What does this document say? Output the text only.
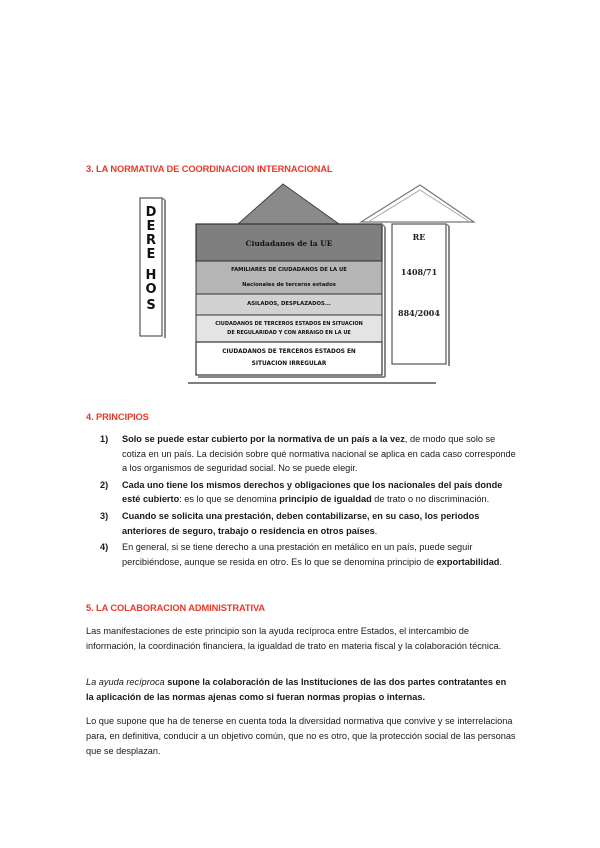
3. LA NORMATIVA DE COORDINACION INTERNACIONAL
D
E
R
E
H
O
S
RE
1408/71
884/2004
Ciudadanos de la UE
FAMILIARES DE CIUDADANOS DE LA UE
Nacionales de terceros estados
ASILADOS, DESPLAZADOS...
CIUDADANOS DE TERCEROS ESTADOS EN SITUACION
DE REGULARIDAD Y CON ARRAIGO EN LA UE
CIUDADANOS DE TERCEROS ESTADOS EN
SITUACION IRREGULAR
4. PRINCIPIOS
1) Solo se puede estar cubierto por la normativa de un país a la vez, de modo que solo se cotiza en un país. La decisión sobre qué normativa nacional se aplica en cada caso corresponde a los organismos de seguridad social. No se puede elegir.
2) Cada uno tiene los mismos derechos y obligaciones que los nacionales del país donde esté cubierto: es lo que se denomina principio de igualdad de trato o no discriminación.
3) Cuando se solicita una prestación, deben contabilizarse, en su caso, los periodos anteriores de seguro, trabajo o residencia en otros países.
4) En general, si se tiene derecho a una prestación en metálico en un país, puede seguir percibiéndose, aunque se resida en otro. Es lo que se denomina principio de exportabilidad.
5. LA COLABORACION ADMINISTRATIVA

Las manifestaciones de este principio son la ayuda recíproca entre Estados, el intercambio de información, la coordinación financiera, la igualdad de trato en materia fiscal y la colaboración técnica.

La ayuda recíproca supone la colaboración de las Instituciones de las dos partes contratantes en la aplicación de las normas ajenas como si fueran normas propias o internas.

Lo que supone que ha de tenerse en cuenta toda la diversidad normativa que convive y se interrelaciona para, en definitiva, conducir a un objetivo común, que no es otro, que la protección social de las personas que se desplazan.
